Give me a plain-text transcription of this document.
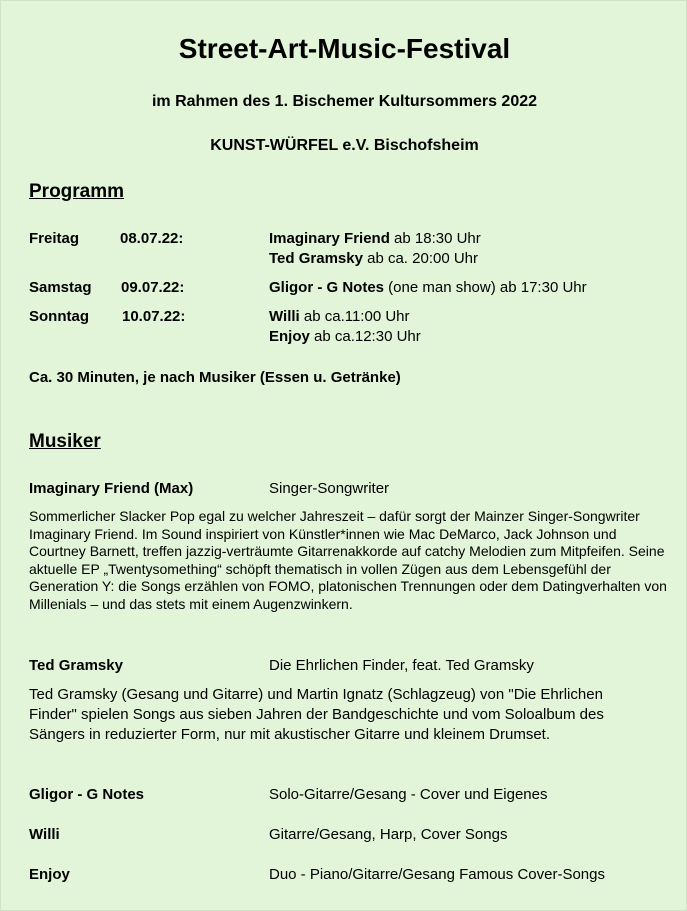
Street-Art-Music-Festival
im Rahmen des 1. Bischemer Kultursommers 2022
KUNST-WÜRFEL e.V. Bischofsheim
Programm
Freitag	08.07.22:	Imaginary Friend ab 18:30 Uhr
Ted Gramsky ab ca. 20:00 Uhr
Samstag 09.07.22:	Gligor - G Notes (one man show) ab 17:30 Uhr
Sonntag 10.07.22:	Willi ab ca.11:00 Uhr
Enjoy ab ca.12:30 Uhr
Ca. 30 Minuten, je nach Musiker (Essen u. Getränke)
Musiker
Imaginary Friend (Max)	Singer-Songwriter
Sommerlicher Slacker Pop egal zu welcher Jahreszeit – dafür sorgt der Mainzer Singer-Songwriter Imaginary Friend. Im Sound inspiriert von Künstler*innen wie Mac DeMarco, Jack Johnson und Courtney Barnett, treffen jazzig-verträumte Gitarrenakkorde auf catchy Melodien zum Mitpfeifen. Seine aktuelle EP „Twentysomething“ schöpft thematisch in vollen Zügen aus dem Lebensgefühl der Generation Y: die Songs erzählen von FOMO, platonischen Trennungen oder dem Datingverhalten von Millenials – und das stets mit einem Augenzwinkern.
Ted Gramsky	Die Ehrlichen Finder, feat. Ted Gramsky
Ted Gramsky (Gesang und Gitarre) und Martin Ignatz (Schlagzeug) von "Die Ehrlichen Finder" spielen Songs aus sieben Jahren der Bandgeschichte und vom Soloalbum des Sängers in reduzierter Form, nur mit akustischer Gitarre und kleinem Drumset.
Gligor - G Notes	Solo-Gitarre/Gesang - Cover und Eigenes
Willi	Gitarre/Gesang, Harp, Cover Songs
Enjoy	Duo - Piano/Gitarre/Gesang Famous Cover-Songs
